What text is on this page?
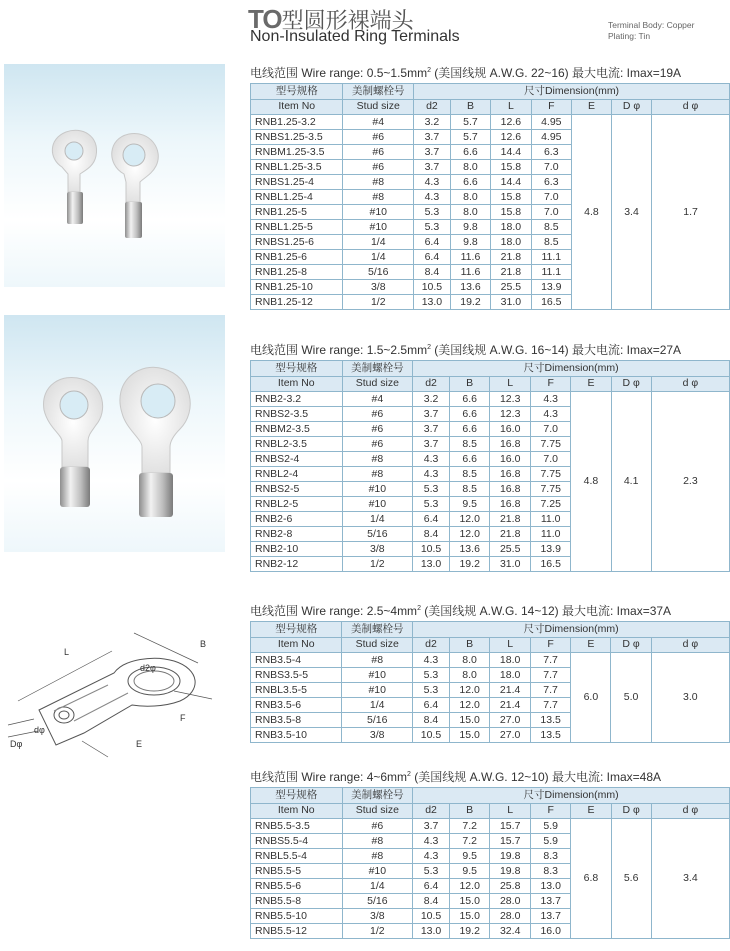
TO型圆形裸端头
Non-Insulated Ring Terminals
Terminal Body: Copper
Plating: Tin
L
B
d2φ
F
E
Dφ
dφ
电线范围 Wire range: $0.5\sim 1.5mm^2$ (美国线规 A.W.G. 22~16) 最大电流: Imax=19A
型号规格	美制螺栓号	尺寸Dimension(mm)						
Item No	Stud size	d2	B	L	F	E	D φ	d φ
RNB1.25-3.2	#4	3.2	5.7	12.6	4.95	4.8	3.4	1.7
RNBS1.25-3.5	#6	3.7	5.7	12.6	4.95			
RNBM1.25-3.5	#6	3.7	6.6	14.4	6.3			
RNBL1.25-3.5	#6	3.7	8.0	15.8	7.0			
RNBS1.25-4	#8	4.3	6.6	14.4	6.3			
RNBL1.25-4	#8	4.3	8.0	15.8	7.0			
RNB1.25-5	#10	5.3	8.0	15.8	7.0			
RNBL1.25-5	#10	5.3	9.8	18.0	8.5			
RNBS1.25-6	1/4	6.4	9.8	18.0	8.5			
RNB1.25-6	1/4	6.4	11.6	21.8	11.1			
RNB1.25-8	5/16	8.4	11.6	21.8	11.1			
RNB1.25-10	3/8	10.5	13.6	25.5	13.9			
RNB1.25-12	1/2	13.0	19.2	31.0	16.5			
电线范围 Wire range: $1.5\sim 2.5mm^2$ (美国线规 A.W.G. 16~14) 最大电流: Imax=27A
型号规格	美制螺栓号	尺寸Dimension(mm)						
Item No	Stud size	d2	B	L	F	E	D φ	d φ
RNB2-3.2	#4	3.2	6.6	12.3	4.3	4.8	4.1	2.3
RNBS2-3.5	#6	3.7	6.6	12.3	4.3			
RNBM2-3.5	#6	3.7	6.6	16.0	7.0			
RNBL2-3.5	#6	3.7	8.5	16.8	7.75			
RNBS2-4	#8	4.3	6.6	16.0	7.0			
RNBL2-4	#8	4.3	8.5	16.8	7.75			
RNBS2-5	#10	5.3	8.5	16.8	7.75			
RNBL2-5	#10	5.3	9.5	16.8	7.25			
RNB2-6	1/4	6.4	12.0	21.8	11.0			
RNB2-8	5/16	8.4	12.0	21.8	11.0			
RNB2-10	3/8	10.5	13.6	25.5	13.9			
RNB2-12	1/2	13.0	19.2	31.0	16.5			
电线范围 Wire range: $2.5\sim 4mm^2$ (美国线规 A.W.G. 14~12) 最大电流: Imax=37A
型号规格	美制螺栓号	尺寸Dimension(mm)						
Item No	Stud size	d2	B	L	F	E	D φ	d φ
RNB3.5-4	#8	4.3	8.0	18.0	7.7	6.0	5.0	3.0
RNBS3.5-5	#10	5.3	8.0	18.0	7.7			
RNBL3.5-5	#10	5.3	12.0	21.4	7.7			
RNB3.5-6	1/4	6.4	12.0	21.4	7.7			
RNB3.5-8	5/16	8.4	15.0	27.0	13.5			
RNB3.5-10	3/8	10.5	15.0	27.0	13.5			
电线范围 Wire range: $4\sim 6mm^2$ (美国线规 A.W.G. 12~10) 最大电流: Imax=48A
型号规格	美制螺栓号	尺寸Dimension(mm)						
Item No	Stud size	d2	B	L	F	E	D φ	d φ
RNB5.5-3.5	#6	3.7	7.2	15.7	5.9	6.8	5.6	3.4
RNBS5.5-4	#8	4.3	7.2	15.7	5.9			
RNBL5.5-4	#8	4.3	9.5	19.8	8.3			
RNB5.5-5	#10	5.3	9.5	19.8	8.3			
RNB5.5-6	1/4	6.4	12.0	25.8	13.0			
RNB5.5-8	5/16	8.4	15.0	28.0	13.7			
RNB5.5-10	3/8	10.5	15.0	28.0	13.7			
RNB5.5-12	1/2	13.0	19.2	32.4	16.0			
